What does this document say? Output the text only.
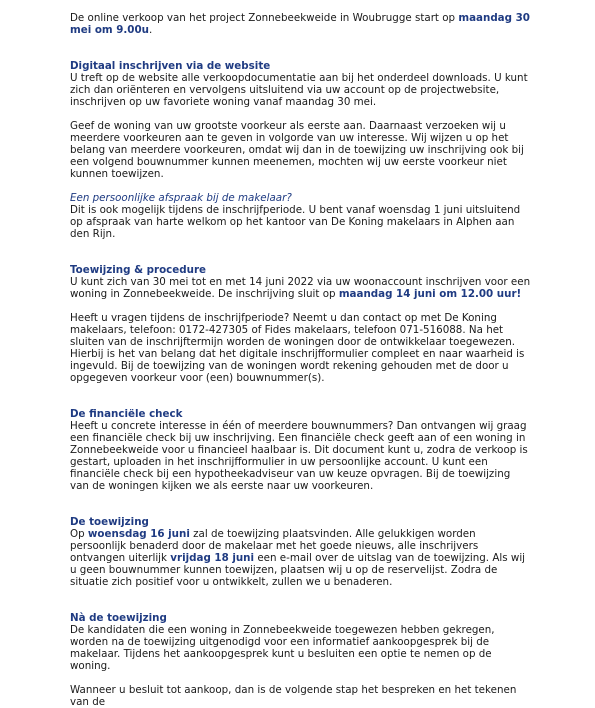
De online verkoop van het project Zonnebeekweide in Woubrugge start op maandag 30 mei om 9.00u.

Digitaal inschrijven via de website

U treft op de website alle verkoopdocumentatie aan bij het onderdeel downloads. U kunt zich dan oriënteren en vervolgens uitsluitend via uw account op de projectwebsite, inschrijven op uw favoriete woning vanaf maandag 30 mei.

Geef de woning van uw grootste voorkeur als eerste aan. Daarnaast verzoeken wij u meerdere voorkeuren aan te geven in volgorde van uw interesse. Wij wijzen u op het belang van meerdere voorkeuren, omdat wij dan in de toewijzing uw inschrijving ook bij een volgend bouwnummer kunnen meenemen, mochten wij uw eerste voorkeur niet kunnen toewijzen.

Een persoonlijke afspraak bij de makelaar?

Dit is ook mogelijk tijdens de inschrijfperiode. U bent vanaf woensdag 1 juni uitsluitend op afspraak van harte welkom op het kantoor van De Koning makelaars in Alphen aan den Rijn.

Toewijzing & procedure

U kunt zich van 30 mei tot en met 14 juni 2022 via uw woonaccount inschrijven voor een woning in Zonnebeekweide. De inschrijving sluit op maandag 14 juni om 12.00 uur!

Heeft u vragen tijdens de inschrijfperiode? Neemt u dan contact op met De Koning makelaars, telefoon: 0172-427305 of Fides makelaars, telefoon 071-516088. Na het sluiten van de inschrijftermijn worden de woningen door de ontwikkelaar toegewezen. Hierbij is het van belang dat het digitale inschrijfformulier compleet en naar waarheid is ingevuld. Bij de toewijzing van de woningen wordt rekening gehouden met de door u opgegeven voorkeur voor (een) bouwnummer(s).

De financiële check

Heeft u concrete interesse in één of meerdere bouwnummers? Dan ontvangen wij graag een financiële check bij uw inschrijving. Een financiële check geeft aan of een woning in Zonnebeekweide voor u financieel haalbaar is. Dit document kunt u, zodra de verkoop is gestart, uploaden in het inschrijfformulier in uw persoonlijke account. U kunt een financiële check bij een hypotheekadviseur van uw keuze opvragen. Bij de toewijzing van de woningen kijken we als eerste naar uw voorkeuren.

De toewijzing

Op woensdag 16 juni zal de toewijzing plaatsvinden. Alle gelukkigen worden persoonlijk benaderd door de makelaar met het goede nieuws, alle inschrijvers ontvangen uiterlijk vrijdag 18 juni een e-mail over de uitslag van de toewijzing. Als wij u geen bouwnummer kunnen toewijzen, plaatsen wij u op de reservelijst. Zodra de situatie zich positief voor u ontwikkelt, zullen we u benaderen.

Nà de toewijzing

De kandidaten die een woning in Zonnebeekweide toegewezen hebben gekregen, worden na de toewijzing uitgenodigd voor een informatief aankoopgesprek bij de makelaar. Tijdens het aankoopgesprek kunt u besluiten een optie te nemen op de woning.

Wanneer u besluit tot aankoop, dan is de volgende stap het bespreken en het tekenen van de
